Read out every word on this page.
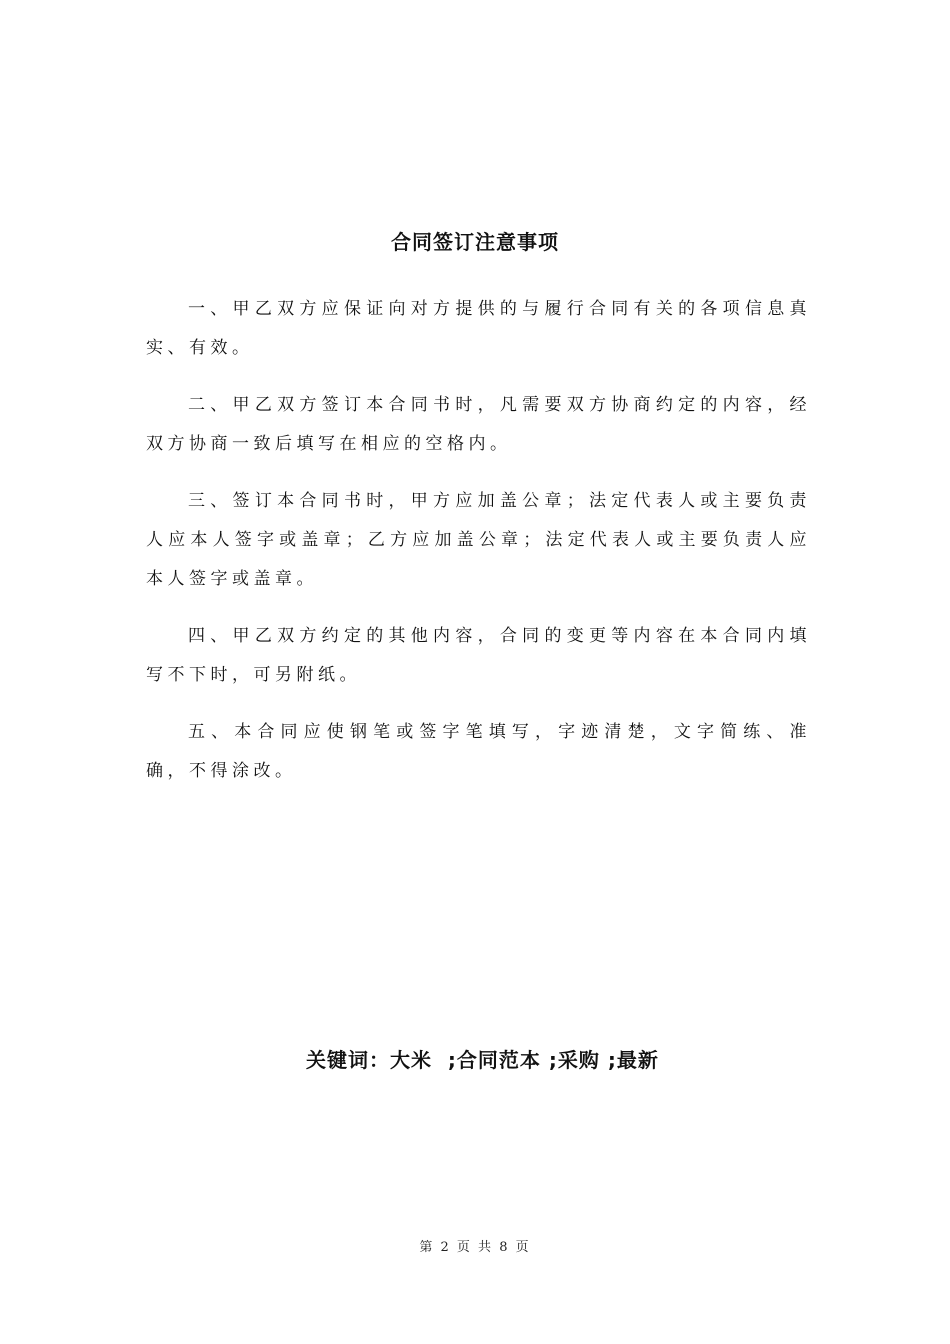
合同签订注意事项

一、甲乙双方应保证向对方提供的与履行合同有关的各项信息真实、有效。

二、甲乙双方签订本合同书时，凡需要双方协商约定的内容，经双方协商一致后填写在相应的空格内。

三、签订本合同书时，甲方应加盖公章；法定代表人或主要负责人应本人签字或盖章；乙方应加盖公章；法定代表人或主要负责人应本人签字或盖章。

四、甲乙双方约定的其他内容，合同的变更等内容在本合同内填写不下时，可另附纸。

五、本合同应使钢笔或签字笔填写，字迹清楚，文字简练、准确，不得涂改。

关键词：大米  ;合同范本 ;采购 ;最新
第 2 页 共 8 页
